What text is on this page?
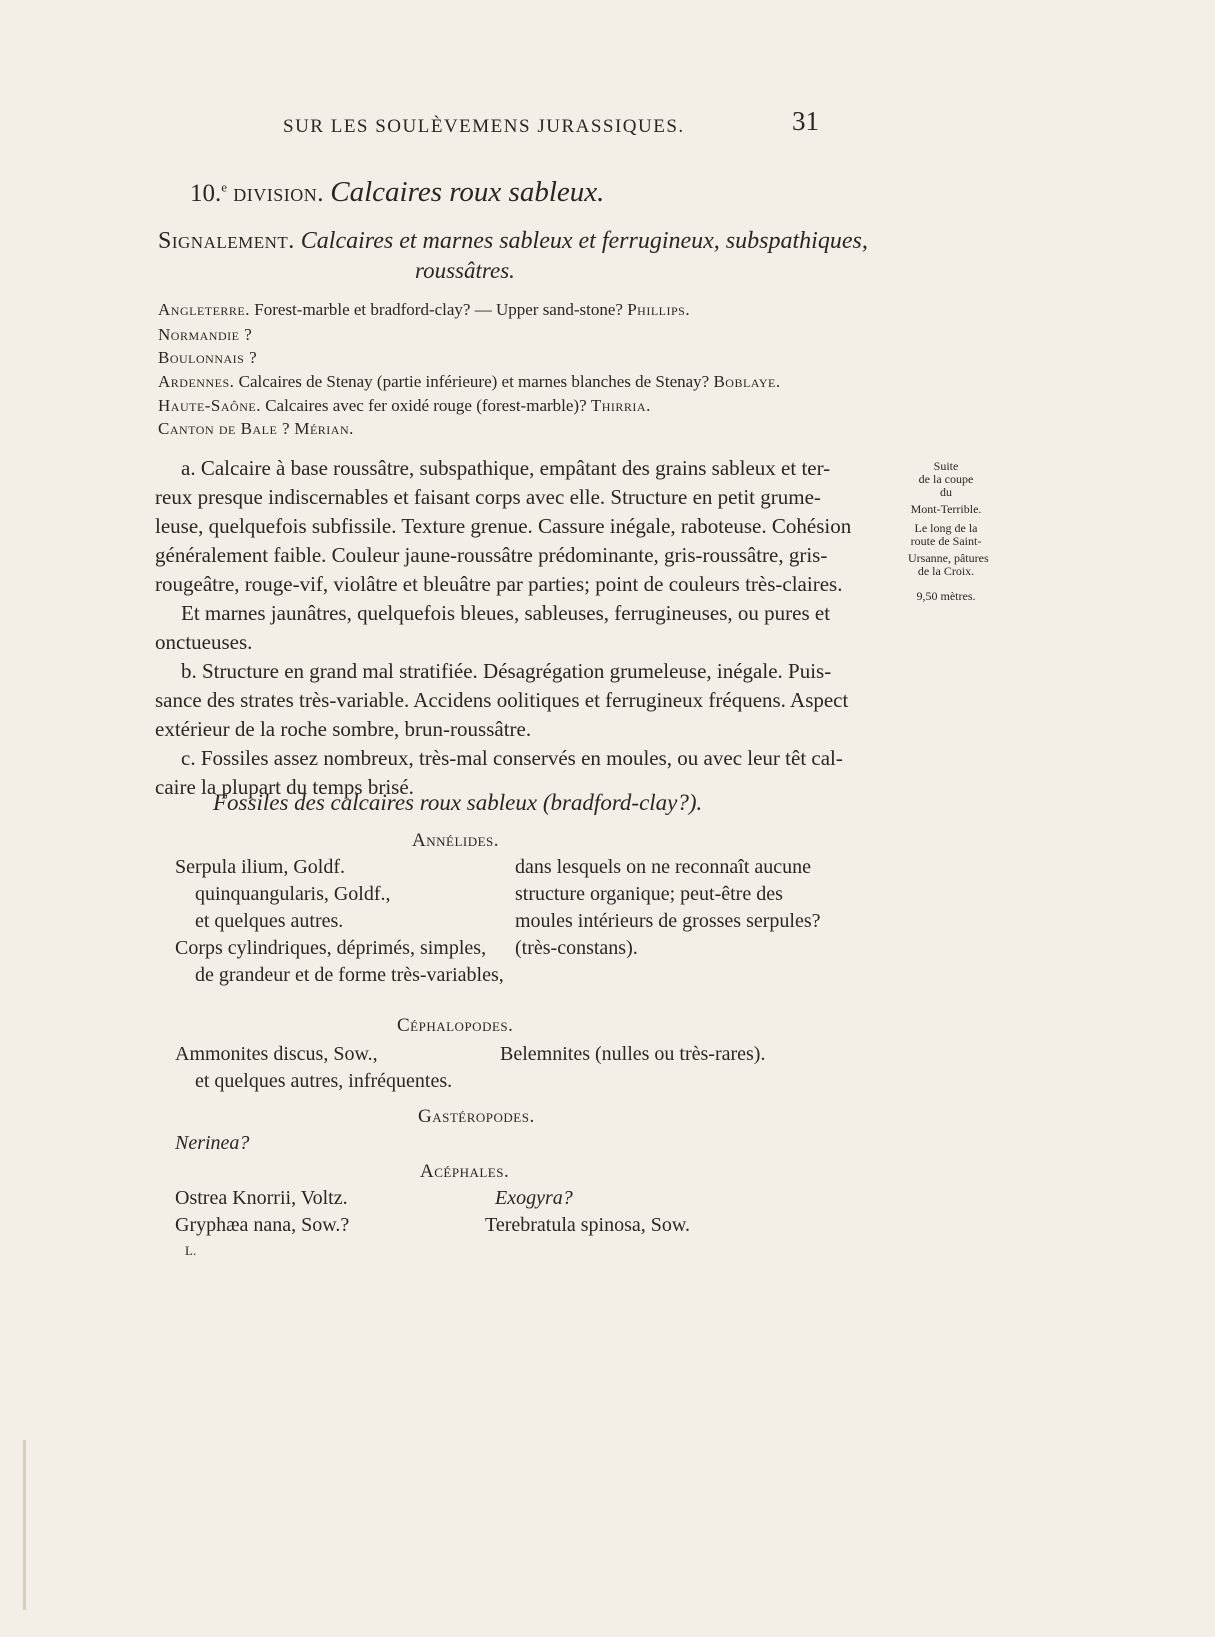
SUR LES SOULÈVEMENS JURASSIQUES.	31
10.$^e$ division. Calcaires roux sableux.
Signalement. Calcaires et marnes sableux et ferrugineux, subspathiques,
roussâtres.
Angleterre. Forest-marble et bradford-clay? — Upper sand-stone? Phillips.
Normandie ?
Boulonnais ?
Ardennes. Calcaires de Stenay (partie inférieure) et marnes blanches de Stenay? Boblaye.
Haute-Saône. Calcaires avec fer oxidé rouge (forest-marble)? Thirria.
Canton de Bale ? Mérian.
a. Calcaire à base roussâtre, subspathique, empâtant des grains sableux et ter-
reux presque indiscernables et faisant corps avec elle. Structure en petit grume-
leuse, quelquefois subfissile. Texture grenue. Cassure inégale, raboteuse. Cohésion
généralement faible. Couleur jaune-roussâtre prédominante, gris-roussâtre, gris-
rougeâtre, rouge-vif, violâtre et bleuâtre par parties; point de couleurs très-claires.
Et marnes jaunâtres, quelquefois bleues, sableuses, ferrugineuses, ou pures et
onctueuses.
b. Structure en grand mal stratifiée. Désagrégation grumeleuse, inégale. Puis-
sance des strates très-variable. Accidens oolitiques et ferrugineux fréquens. Aspect
extérieur de la roche sombre, brun-roussâtre.
c. Fossiles assez nombreux, très-mal conservés en moules, ou avec leur têt cal-
caire la plupart du temps brisé.
Suite
de la coupe
du
Mont-Terrible.
Le long de la
route de Saint-
Ursanne, pâtures
de la Croix.
9,50 mètres.
Fossiles des calcaires roux sableux (bradford-clay?).
Annélides.
Serpula ilium, Goldf.
quinquangularis, Goldf.,
et quelques autres.
Corps cylindriques, déprimés, simples,
de grandeur et de forme très-variables,
dans lesquels on ne reconnaît aucune
structure organique; peut-être des
moules intérieurs de grosses serpules?
(très-constans).
Céphalopodes.
Ammonites discus, Sow.,
et quelques autres, infréquentes.
Belemnites (nulles ou très-rares).
Gastéropodes.
Nerinea?
Acéphales.
Ostrea Knorrii, Voltz.
Gryphæa nana, Sow.?
Exogyra?
Terebratula spinosa, Sow.
L.
